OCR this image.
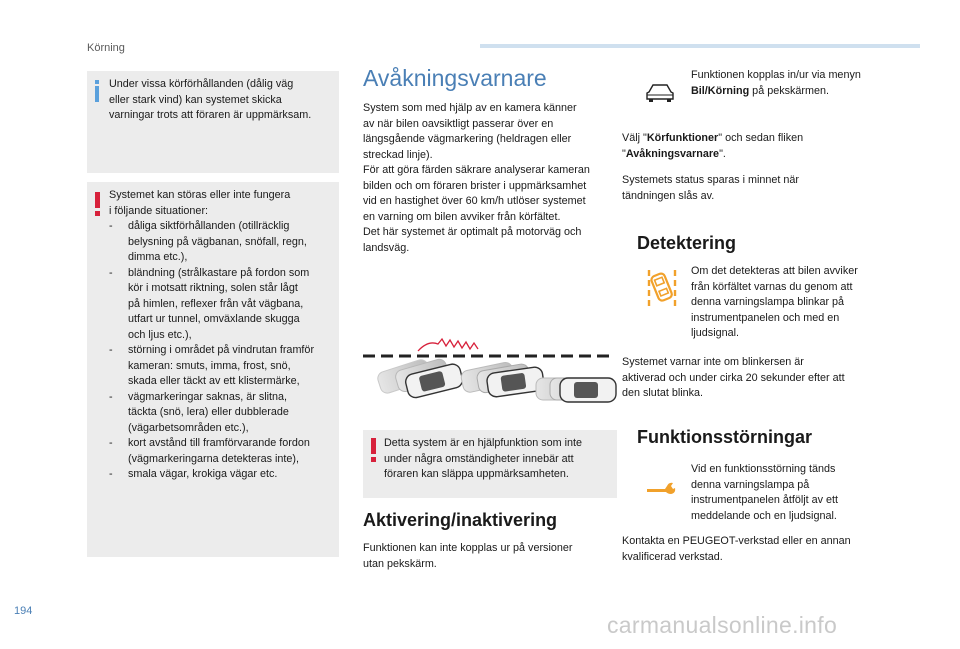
Körning
Under vissa körförhållanden (dålig väg
eller stark vind) kan systemet skicka
varningar trots att föraren är uppmärksam.
Systemet kan störas eller inte fungera
i följande situationer:
- dåliga siktförhållanden (otillräcklig
belysning på vägbanan, snöfall, regn,
dimma etc.),
- bländning (strålkastare på fordon som
kör i motsatt riktning, solen står lågt
på himlen, reflexer från våt vägbana,
utfart ur tunnel, omväxlande skugga
och ljus etc.),
- störning i området på vindrutan framför
kameran: smuts, imma, frost, snö,
skada eller täckt av ett klistermärke,
- vägmarkeringar saknas, är slitna,
täckta (snö, lera) eller dubblerade
(vägarbetsområden etc.),
- kort avstånd till framförvarande fordon
(vägmarkeringarna detekteras inte),
- smala vägar, krokiga vägar etc.
Avåkningsvarnare
System som med hjälp av en kamera känner
av när bilen oavsiktligt passerar över en
längsgående vägmarkering (heldragen eller
streckad linje).
För att göra färden säkrare analyserar kameran
bilden och om föraren brister i uppmärksamhet
vid en hastighet över 60 km/h utlöser systemet
en varning om bilen avviker från körfältet.
Det här systemet är optimalt på motorväg och
landsväg.
Detta system är en hjälpfunktion som inte
under några omständigheter innebär att
föraren kan släppa uppmärksamheten.
Aktivering/inaktivering
Funktionen kan inte kopplas ur på versioner
utan pekskärm.
Funktionen kopplas in/ur via menyn
Bil/Körning på pekskärmen.
Välj "Körfunktioner" och sedan fliken
"Avåkningsvarnare".
Systemets status sparas i minnet när
tändningen slås av.
Detektering
Om det detekteras att bilen avviker
från körfältet varnas du genom att
denna varningslampa blinkar på
instrumentpanelen och med en
ljudsignal.
Systemet varnar inte om blinkersen är
aktiverad och under cirka 20 sekunder efter att
den slutat blinka.
Funktionsstörningar
Vid en funktionsstörning tänds
denna varningslampa på
instrumentpanelen åtföljt av ett
meddelande och en ljudsignal.
Kontakta en PEUGEOT-verkstad eller en annan
kvalificerad verkstad.
194
carmanualsonline.info
